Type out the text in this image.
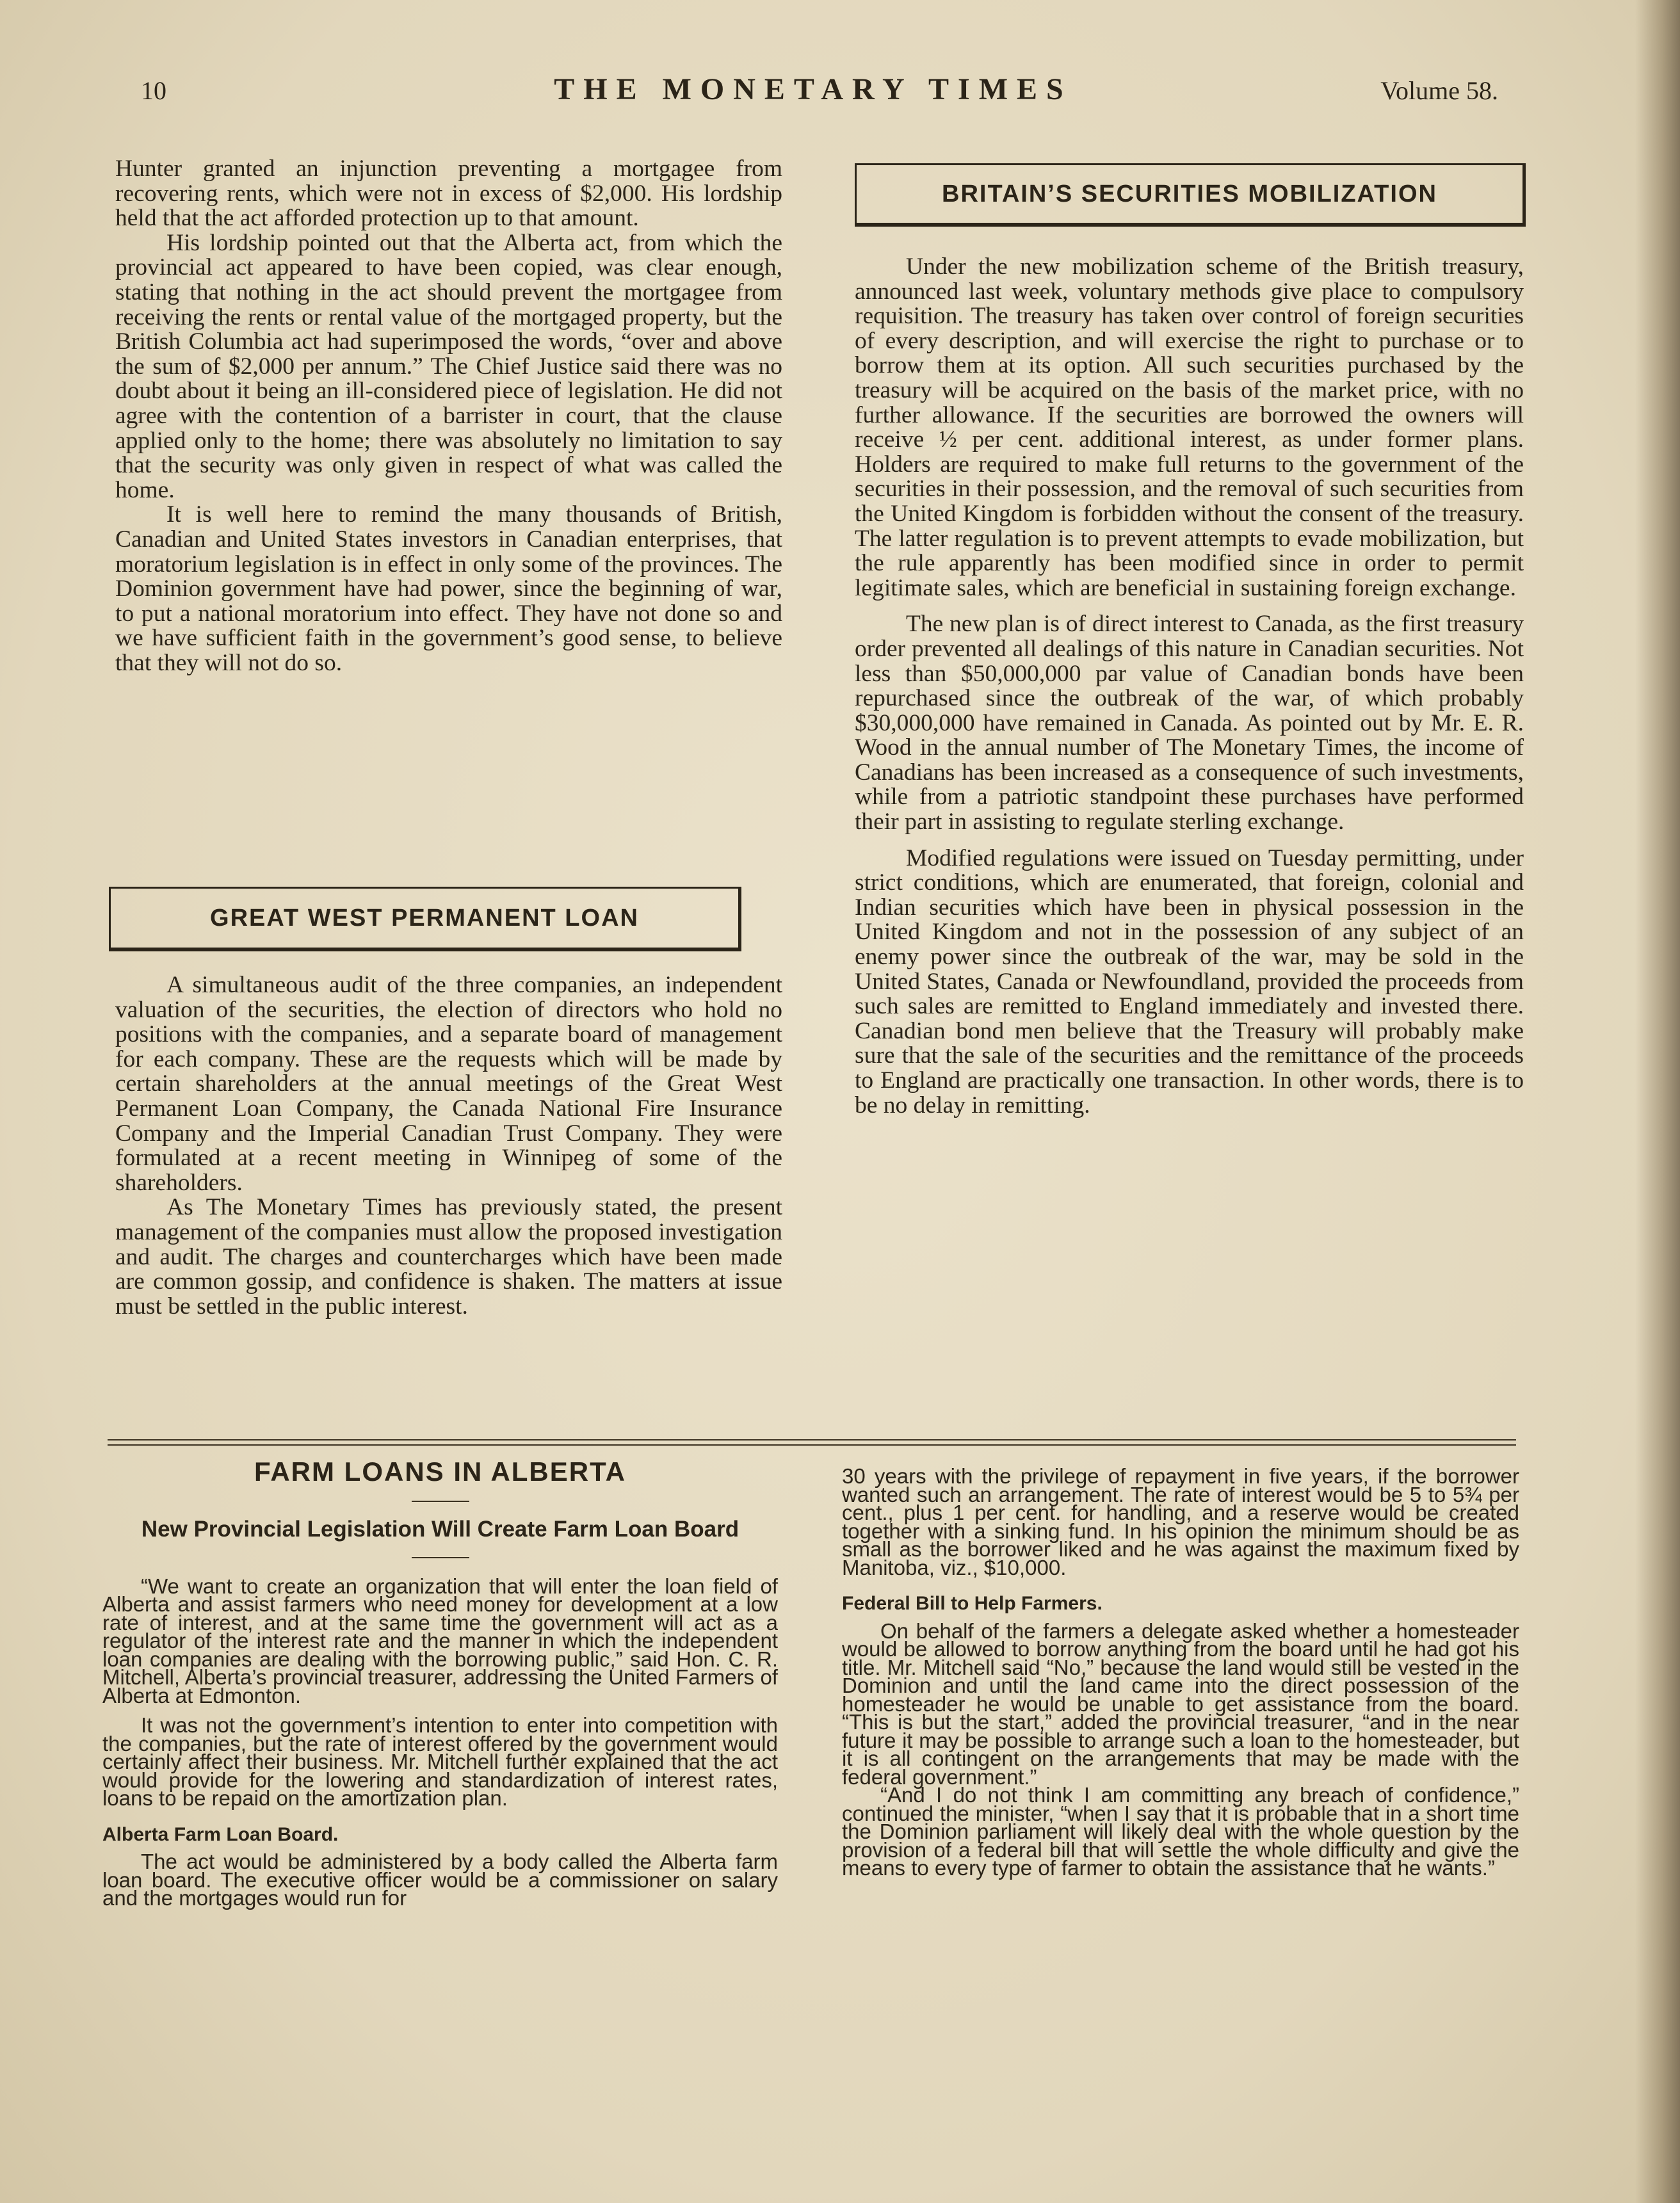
10	THE MONETARY TIMES	Volume 58.

Hunter granted an injunction preventing a mortgagee from recovering rents, which were not in excess of $2,000. His lordship held that the act afforded protection up to that amount.

His lordship pointed out that the Alberta act, from which the provincial act appeared to have been copied, was clear enough, stating that nothing in the act should prevent the mortgagee from receiving the rents or rental value of the mortgaged property, but the British Columbia act had superimposed the words, “over and above the sum of $2,000 per annum.” The Chief Justice said there was no doubt about it being an ill-considered piece of legislation. He did not agree with the contention of a barrister in court, that the clause applied only to the home; there was absolutely no limitation to say that the security was only given in respect of what was called the home.

It is well here to remind the many thousands of British, Canadian and United States investors in Canadian enterprises, that moratorium legislation is in effect in only some of the provinces. The Dominion government have had power, since the beginning of war, to put a national moratorium into effect. They have not done so and we have sufficient faith in the government’s good sense, to believe that they will not do so.

GREAT WEST PERMANENT LOAN

A simultaneous audit of the three companies, an independent valuation of the securities, the election of directors who hold no positions with the companies, and a separate board of management for each company. These are the requests which will be made by certain shareholders at the annual meetings of the Great West Permanent Loan Company, the Canada National Fire Insurance Company and the Imperial Canadian Trust Company. They were formulated at a recent meeting in Winnipeg of some of the shareholders.

As The Monetary Times has previously stated, the present management of the companies must allow the proposed investigation and audit. The charges and countercharges which have been made are common gossip, and confidence is shaken. The matters at issue must be settled in the public interest.

BRITAIN’S SECURITIES MOBILIZATION

Under the new mobilization scheme of the British treasury, announced last week, voluntary methods give place to compulsory requisition. The treasury has taken over control of foreign securities of every description, and will exercise the right to purchase or to borrow them at its option. All such securities purchased by the treasury will be acquired on the basis of the market price, with no further allowance. If the securities are borrowed the owners will receive ½ per cent. additional interest, as under former plans. Holders are required to make full returns to the government of the securities in their possession, and the removal of such securities from the United Kingdom is forbidden without the consent of the treasury. The latter regulation is to prevent attempts to evade mobilization, but the rule apparently has been modified since in order to permit legitimate sales, which are beneficial in sustaining foreign exchange.

The new plan is of direct interest to Canada, as the first treasury order prevented all dealings of this nature in Canadian securities. Not less than $50,000,000 par value of Canadian bonds have been repurchased since the outbreak of the war, of which probably $30,000,000 have remained in Canada. As pointed out by Mr. E. R. Wood in the annual number of The Monetary Times, the income of Canadians has been increased as a consequence of such investments, while from a patriotic standpoint these purchases have performed their part in assisting to regulate sterling exchange.

Modified regulations were issued on Tuesday permitting, under strict conditions, which are enumerated, that foreign, colonial and Indian securities which have been in physical possession in the United Kingdom and not in the possession of any subject of an enemy power since the outbreak of the war, may be sold in the United States, Canada or Newfoundland, provided the proceeds from such sales are remitted to England immediately and invested there. Canadian bond men believe that the Treasury will probably make sure that the sale of the securities and the remittance of the proceeds to England are practically one transaction. In other words, there is to be no delay in remitting.

FARM LOANS IN ALBERTA
New Provincial Legislation Will Create Farm Loan Board

“We want to create an organization that will enter the loan field of Alberta and assist farmers who need money for development at a low rate of interest, and at the same time the government will act as a regulator of the interest rate and the manner in which the independent loan companies are dealing with the borrowing public,” said Hon. C. R. Mitchell, Alberta’s provincial treasurer, addressing the United Farmers of Alberta at Edmonton.

It was not the government’s intention to enter into competition with the companies, but the rate of interest offered by the government would certainly affect their business. Mr. Mitchell further explained that the act would provide for the lowering and standardization of interest rates, loans to be repaid on the amortization plan.

Alberta Farm Loan Board.

The act would be administered by a body called the Alberta farm loan board. The executive officer would be a commissioner on salary and the mortgages would run for

30 years with the privilege of repayment in five years, if the borrower wanted such an arrangement. The rate of interest would be 5 to 5¾ per cent., plus 1 per cent. for handling, and a reserve would be created together with a sinking fund. In his opinion the minimum should be as small as the borrower liked and he was against the maximum fixed by Manitoba, viz., $10,000.

Federal Bill to Help Farmers.

On behalf of the farmers a delegate asked whether a homesteader would be allowed to borrow anything from the board until he had got his title. Mr. Mitchell said “No,” because the land would still be vested in the Dominion and until the land came into the direct possession of the homesteader he would be unable to get assistance from the board. “This is but the start,” added the provincial treasurer, “and in the near future it may be possible to arrange such a loan to the homesteader, but it is all contingent on the arrangements that may be made with the federal government.”

“And I do not think I am committing any breach of confidence,” continued the minister, “when I say that it is probable that in a short time the Dominion parliament will likely deal with the whole question by the provision of a federal bill that will settle the whole difficulty and give the means to every type of farmer to obtain the assistance that he wants.”
